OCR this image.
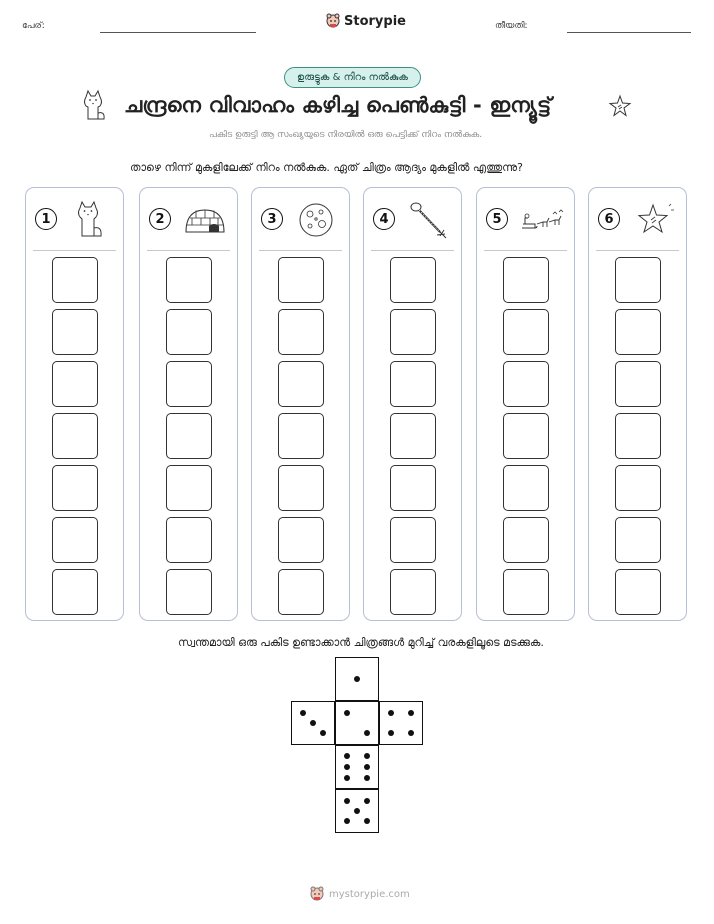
പേര്:	Storypie	തീയതി:
ഉരുട്ടുക & നിറം നൽകുക
ചന്ദ്രനെ വിവാഹം കഴിച്ച പെൺകുട്ടി - ഇന്യൂട്ട്
പകിട ഉരുട്ടി ആ സംഖ്യയുടെ നിരയിൽ ഒരു പെട്ടിക്ക് നിറം നൽകുക.
താഴെ നിന്ന് മുകളിലേക്ക് നിറം നൽകുക. ഏത് ചിത്രം ആദ്യം മുകളിൽ എത്തുന്നു?
1	2	3	4	5	6
സ്വന്തമായി ഒരു പകിട ഉണ്ടാക്കാൻ ചിത്രങ്ങൾ മുറിച്ച് വരകളിലൂടെ മടക്കുക.
mystorypie.com
